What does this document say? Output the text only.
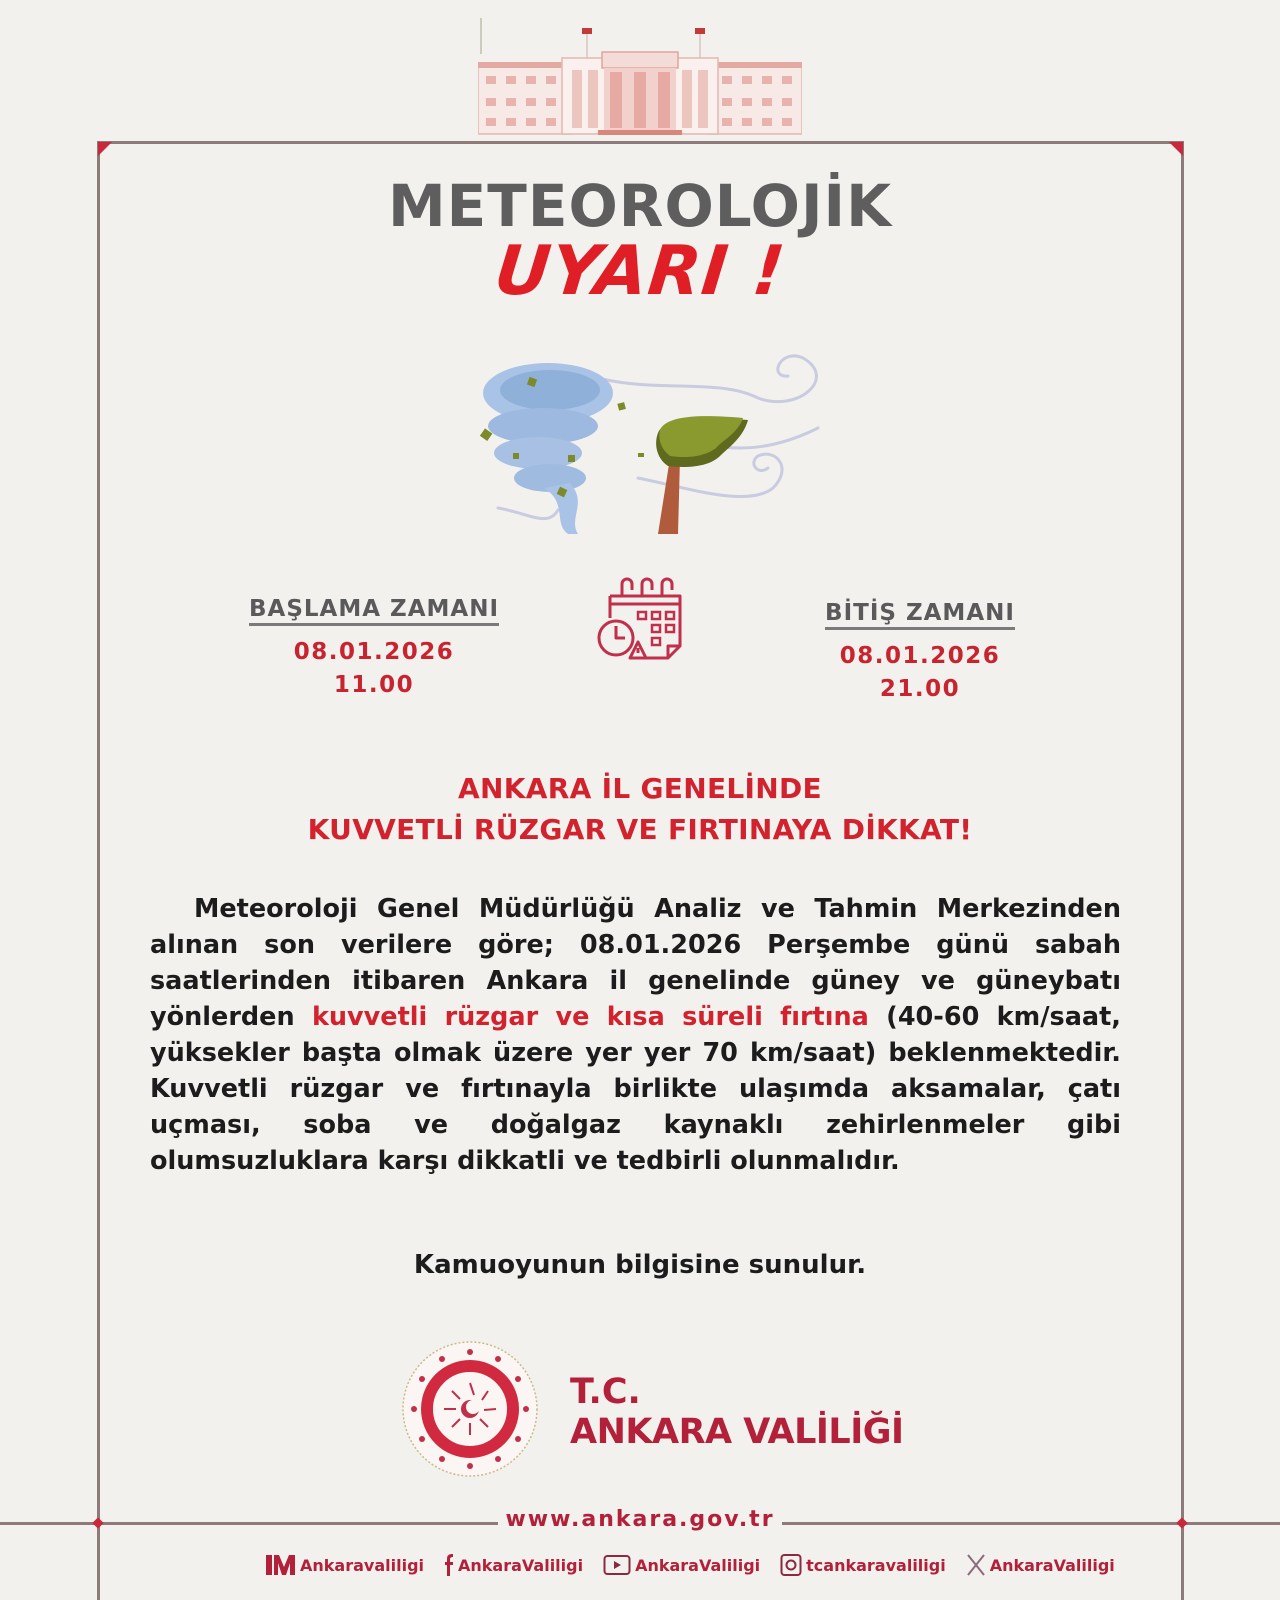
METEOROLOJİK
UYARI !
BAŞLAMA ZAMANI
08.01.2026
11.00
BİTİŞ ZAMANI
08.01.2026
21.00
ANKARA İL GENELİNDE
KUVVETLİ RÜZGAR VE FIRTINAYA DİKKAT!

Meteoroloji Genel Müdürlüğü Analiz ve Tahmin Merkezinden alınan son verilere göre; 08.01.2026 Perşembe günü sabah saatlerinden itibaren Ankara il genelinde güney ve güneybatı yönlerden kuvvetli rüzgar ve kısa süreli fırtına (40-60 km/saat, yüksekler başta olmak üzere yer yer 70 km/saat) beklenmektedir. Kuvvetli rüzgar ve fırtınayla birlikte ulaşımda aksamalar, çatı uçması, soba ve doğalgaz kaynaklı zehirlenmeler gibi olumsuzluklara karşı dikkatli ve tedbirli olunmalıdır.

Kamuoyunun bilgisine sunulur.
T.C.
ANKARA VALİLİĞİ
www.ankara.gov.tr
Ankaravaliligi AnkaraValiligi	AnkaraValiligi	tcankaravaliligi	AnkaraValiligi
